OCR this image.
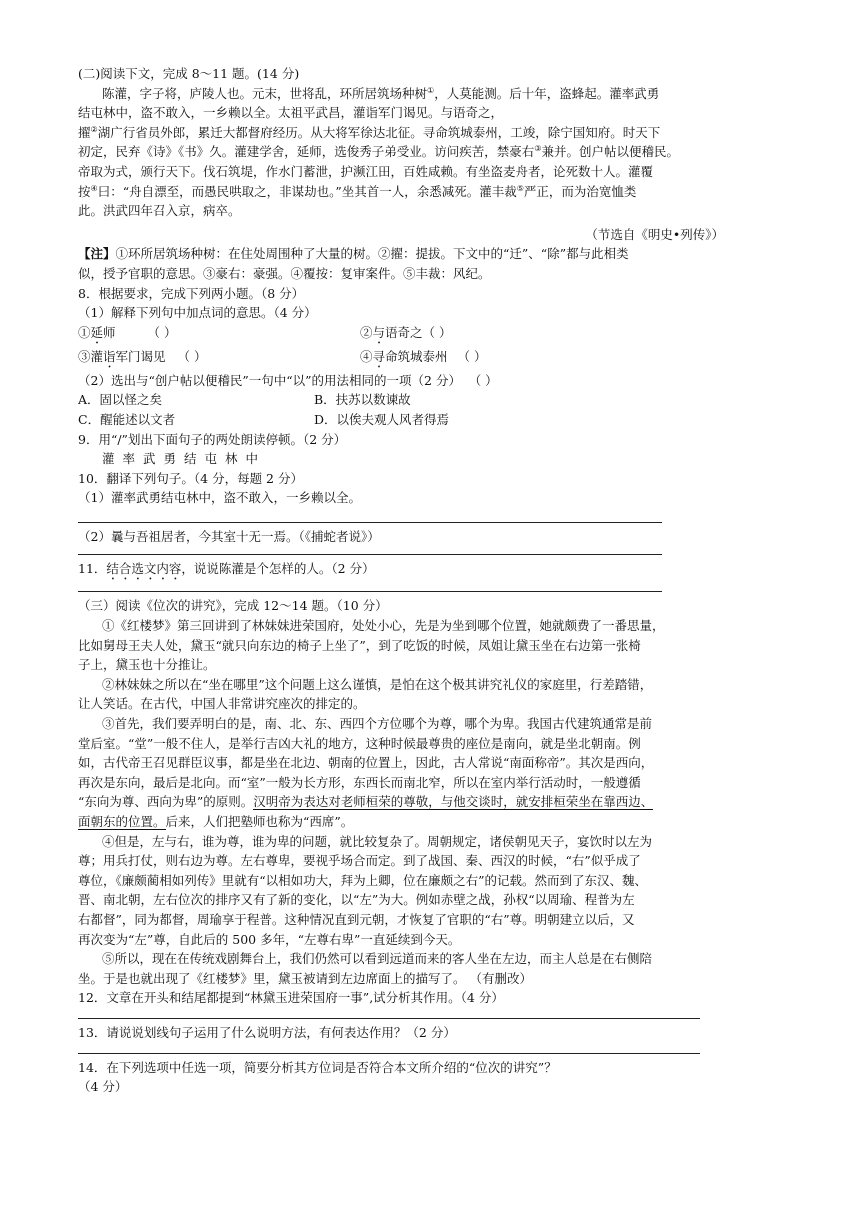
(二)阅读下文，完成 8～11 题。(14 分)
陈灌，字子将，庐陵人也。元末，世将乱，环所居筑场种树①，人莫能测。后十年，盗蜂起。灌率武勇
结屯林中，盗不敢入，一乡赖以全。太祖平武昌，灌诣军门谒见。与语奇之，
擢②湖广行省员外郎，累迁大都督府经历。从大将军徐达北征。寻命筑城泰州，工竣，除宁国知府。时天下
初定，民弃《诗》《书》久。灌建学舍，延师，选俊秀子弟受业。访问疾苦，禁豪右③兼并。创户帖以便稽民。
帝取为式，颁行天下。伐石筑堤，作水门蓄泄，护濒江田，百姓咸赖。有坐盗麦舟者，论死数十人。灌覆
按④曰：“舟自漂至，而愚民哄取之，非谋劫也。”坐其首一人，余悉减死。灌丰裁⑤严正，而为治宽恤类
此。洪武四年召入京，病卒。
（节选自《明史•列传》）
【注】①环所居筑场种树：在住处周围种了大量的树。②擢：提拔。下文中的“迁”、“除”都与此相类
似，授予官职的意思。③豪右：豪强。④覆按：复审案件。⑤丰裁：风纪。
8．根据要求，完成下列两小题。（8 分）
（1）解释下列句中加点词的意思。（4 分）
①延师	（ ）	②与语奇之（ ）
③灌诣军门谒见 （ ）	④寻命筑城泰州 （ ）
（2）选出与“创户帖以便稽民”一句中“以”的用法相同的一项（2 分） （ ）
A．固以怪之矣	B．扶苏以数谏故
C．醒能述以文者	D．以俟夫观人风者得焉
9．用“/”划出下面句子的两处朗读停顿。（2 分）
灌率武勇结屯林中
10．翻译下列句子。（4 分，每题 2 分）
（1）灌率武勇结屯林中，盗不敢入，一乡赖以全。
（2）曩与吾祖居者，今其室十无一焉。（《捕蛇者说》）
11．结合选文内容，说说陈灌是个怎样的人。（2 分）
（三）阅读《位次的讲究》，完成 12～14 题。（10 分）
①《红楼梦》第三回讲到了林妹妹进荣国府，处处小心，先是为坐到哪个位置，她就颇费了一番思量，
比如舅母王夫人处，黛玉“就只向东边的椅子上坐了”，到了吃饭的时候，凤姐让黛玉坐在右边第一张椅
子上，黛玉也十分推让。
②林妹妹之所以在“坐在哪里”这个问题上这么谨慎，是怕在这个极其讲究礼仪的家庭里，行差踏错，
让人笑话。在古代，中国人非常讲究座次的排定的。
③首先，我们要弄明白的是，南、北、东、西四个方位哪个为尊，哪个为卑。我国古代建筑通常是前
堂后室。“堂”一般不住人，是举行吉凶大礼的地方，这种时候最尊贵的座位是南向，就是坐北朝南。例
如，古代帝王召见群臣议事，都是坐在北边、朝南的位置上，因此，古人常说“南面称帝”。其次是西向，
再次是东向，最后是北向。而“室”一般为长方形，东西长而南北窄，所以在室内举行活动时，一般遵循
“东向为尊、西向为卑”的原则。汉明帝为表达对老师桓荣的尊敬，与他交谈时，就安排桓荣坐在靠西边、
面朝东的位置。后来，人们把塾师也称为“西席”。
④但是，左与右，谁为尊，谁为卑的问题，就比较复杂了。周朝规定，诸侯朝见天子，宴饮时以左为
尊；用兵打仗，则右边为尊。左右尊卑，要视乎场合而定。到了战国、秦、西汉的时候，“右”似乎成了
尊位，《廉颇蔺相如列传》里就有“以相如功大，拜为上卿，位在廉颇之右”的记载。然而到了东汉、魏、
晋、南北朝，左右位次的排序又有了新的变化，以“左”为大。例如赤壁之战，孙权“以周瑜、程普为左
右都督”，同为都督，周瑜享于程普。这种情况直到元朝，才恢复了官职的“右”尊。明朝建立以后，又
再次变为“左”尊，自此后的 500 多年，“左尊右卑”一直延续到今天。
⑤所以，现在在传统戏剧舞台上，我们仍然可以看到远道而来的客人坐在左边，而主人总是在右侧陪
坐。于是也就出现了《红楼梦》里，黛玉被请到左边席面上的描写了。 （有删改）
12．文章在开头和结尾都提到“林黛玉进荣国府一事”,试分析其作用。（4 分）
13．请说说划线句子运用了什么说明方法，有何表达作用？（2 分）
14．在下列选项中任选一项，简要分析其方位词是否符合本文所介绍的“位次的讲究”？
（4 分）
